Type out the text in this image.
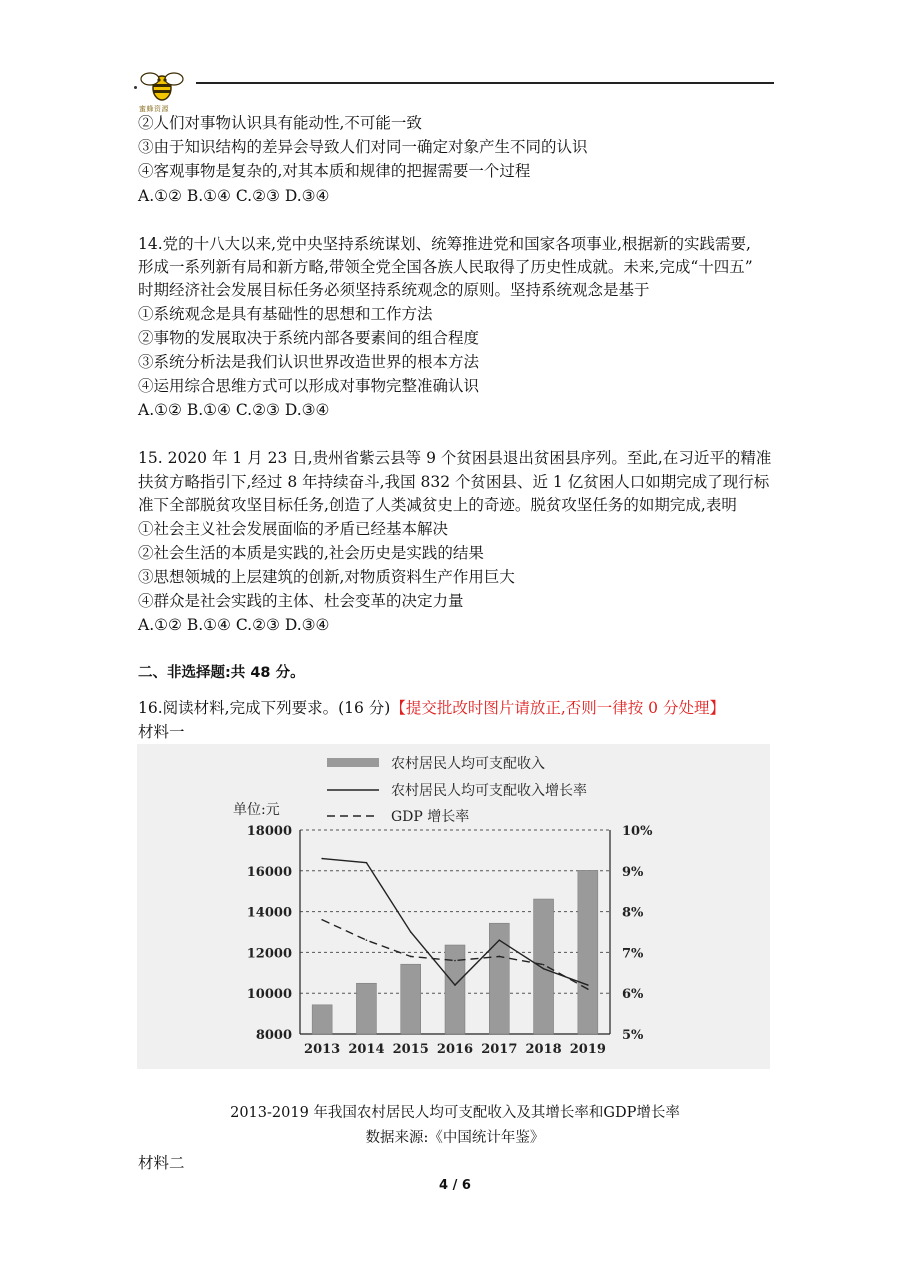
蜜蜂资源
②人们对事物认识具有能动性,不可能一致
③由于知识结构的差异会导致人们对同一确定对象产生不同的认识
④客观事物是复杂的,对其本质和规律的把握需要一个过程
A.①② B.①④ C.②③ D.③④
14.党的十八大以来,党中央坚持系统谋划、统筹推进党和国家各项事业,根据新的实践需要,
形成一系列新有局和新方略,带领全党全国各族人民取得了历史性成就。未来,完成“十四五”
时期经济社会发展目标任务必须坚持系统观念的原则。坚持系统观念是基于
①系统观念是具有基础性的思想和工作方法
②事物的发展取决于系统内部各要素间的组合程度
③系统分析法是我们认识世界改造世界的根本方法
④运用综合思维方式可以形成对事物完整准确认识
A.①② B.①④ C.②③ D.③④
15. 2020 年 1 月 23 日,贵州省紫云县等 9 个贫困县退出贫困县序列。至此,在习近平的精准
扶贫方略指引下,经过 8 年持续奋斗,我国 832 个贫困县、近 1 亿贫困人口如期完成了现行标
准下全部脱贫攻坚目标任务,创造了人类减贫史上的奇迹。脱贫攻坚任务的如期完成,表明
①社会主义社会发展面临的矛盾已经基本解决
②社会生活的本质是实践的,社会历史是实践的结果
③思想领城的上层建筑的创新,对物质资料生产作用巨大
④群众是社会实践的主体、杜会变革的决定力量
A.①② B.①④ C.②③ D.③④
二、非选择题:共 48 分。
16.阅读材料,完成下列要求。(16 分)【提交批改时图片请放正,否则一律按 0 分处理】
材料一
8000
10000
12000
14000
16000
18000
5%
6%
7%
8%
9%
10%
单位:元
2013 2014 2015 2016 2017 2018 2019
农村居民人均可支配收入
农村居民人均可支配收入增长率
GDP 增长率
2013-2019 年我国农村居民人均可支配收入及其增长率和GDP增长率
数据来源:《中国统计年鉴》
材料二
4 / 6
